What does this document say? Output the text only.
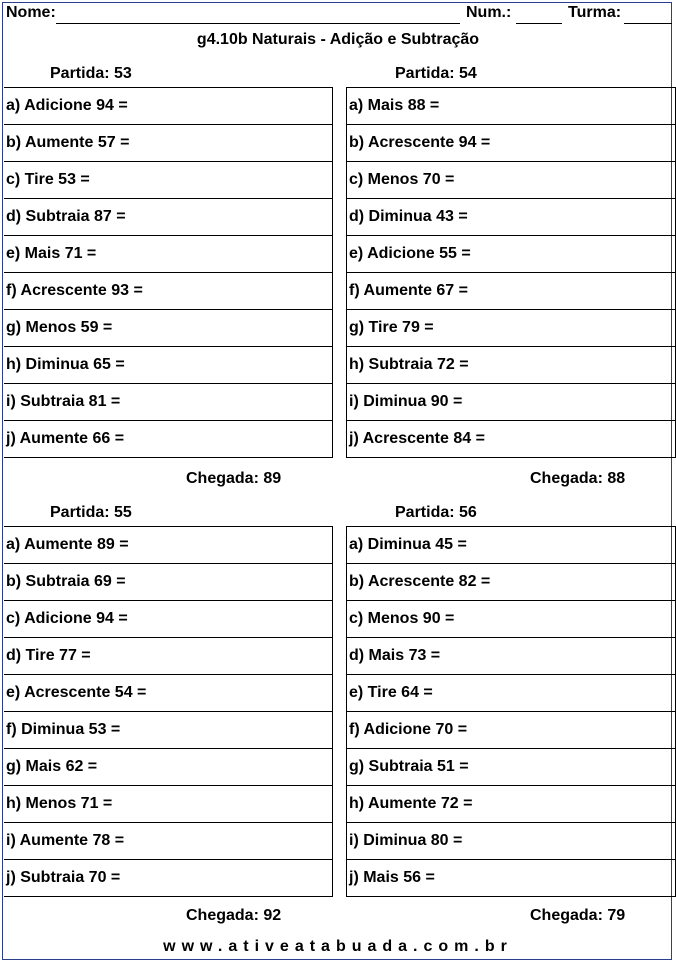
Nome:	Num.:	Turma:
g4.10b Naturais - Adição e Subtração
Partida: 53
a) Adicione 94 =
b) Aumente 57 =
c) Tire 53 =
d) Subtraia 87 =
e) Mais 71 =
f) Acrescente 93 =
g) Menos 59 =
h) Diminua 65 =
i) Subtraia 81 =
j) Aumente 66 =
Chegada: 89
Partida: 54
a) Mais 88 =
b) Acrescente 94 =
c) Menos 70 =
d) Diminua 43 =
e) Adicione 55 =
f) Aumente 67 =
g) Tire 79 =
h) Subtraia 72 =
i) Diminua 90 =
j) Acrescente 84 =
Chegada: 88
Partida: 55
a) Aumente 89 =
b) Subtraia 69 =
c) Adicione 94 =
d) Tire 77 =
e) Acrescente 54 =
f) Diminua 53 =
g) Mais 62 =
h) Menos 71 =
i) Aumente 78 =
j) Subtraia 70 =
Chegada: 92
Partida: 56
a) Diminua 45 =
b) Acrescente 82 =
c) Menos 90 =
d) Mais 73 =
e) Tire 64 =
f) Adicione 70 =
g) Subtraia 51 =
h) Aumente 72 =
i) Diminua 80 =
j) Mais 56 =
Chegada: 79
www.ativeatabuada.com.br
